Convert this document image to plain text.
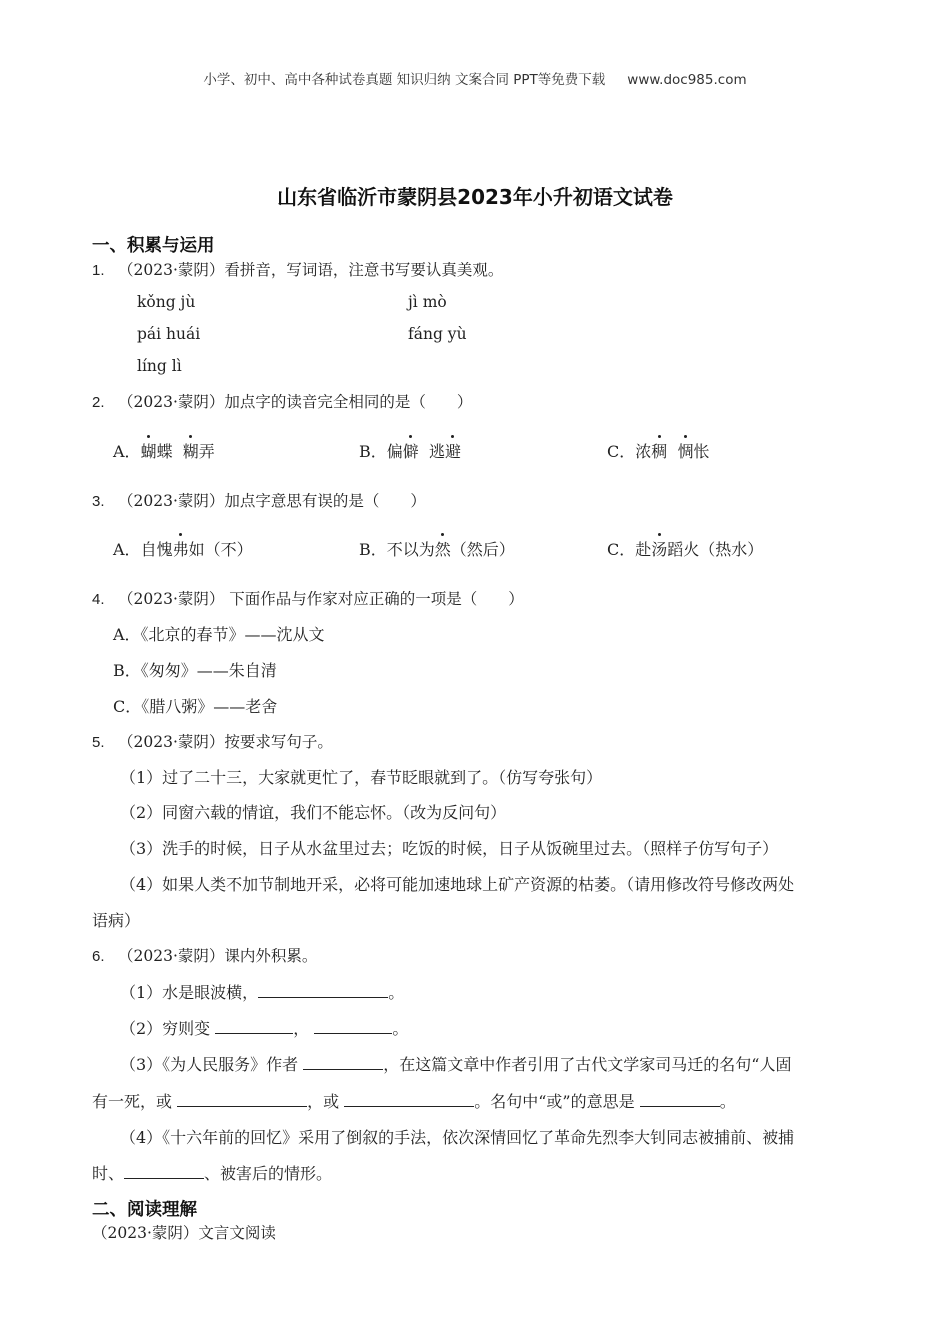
小学、初中、高中各种试卷真题 知识归纳 文案合同 PPT等免费下载 www.doc985.com
山东省临沂市蒙阴县2023年小升初语文试卷
一、积累与运用
1. （2023·蒙阴）看拼音，写词语，注意书写要认真美观。
kǒng jù	jì mò
pái huái	fáng yù
líng lì
2. （2023·蒙阴）加点字的读音完全相同的是（　　）
A．蝴蝶 糊弄	B．偏僻 逃避	C．浓稠 惆怅
3. （2023·蒙阴）加点字意思有误的是（　　）
A．自愧弗如（不）	B．不以为然（然后）	C．赴汤蹈火（热水）
4. （2023·蒙阴） 下面作品与作家对应正确的一项是（　　）
A．《北京的春节》——沈从文
B．《匆匆》——朱自清
C．《腊八粥》——老舍
5. （2023·蒙阴）按要求写句子。
（1）过了二十三，大家就更忙了，春节眨眼就到了。（仿写夸张句）
（2）同窗六载的情谊，我们不能忘怀。（改为反问句）
（3）洗手的时候，日子从水盆里过去；吃饭的时候，日子从饭碗里过去。（照样子仿写句子）
（4）如果人类不加节制地开采，必将可能加速地球上矿产资源的枯萎。（请用修改符号修改两处
语病）
6. （2023·蒙阴）课内外积累。
（1）水是眼波横，	。
（2）穷则变	，	。
（3）《为人民服务》作者	，在这篇文章中作者引用了古代文学家司马迁的名句“人固
有一死，或	，或	。名句中“或”的意思是	。
（4）《十六年前的回忆》采用了倒叙的手法，依次深情回忆了革命先烈李大钊同志被捕前、被捕
时、	、被害后的情形。
二、阅读理解
（2023·蒙阴）文言文阅读
